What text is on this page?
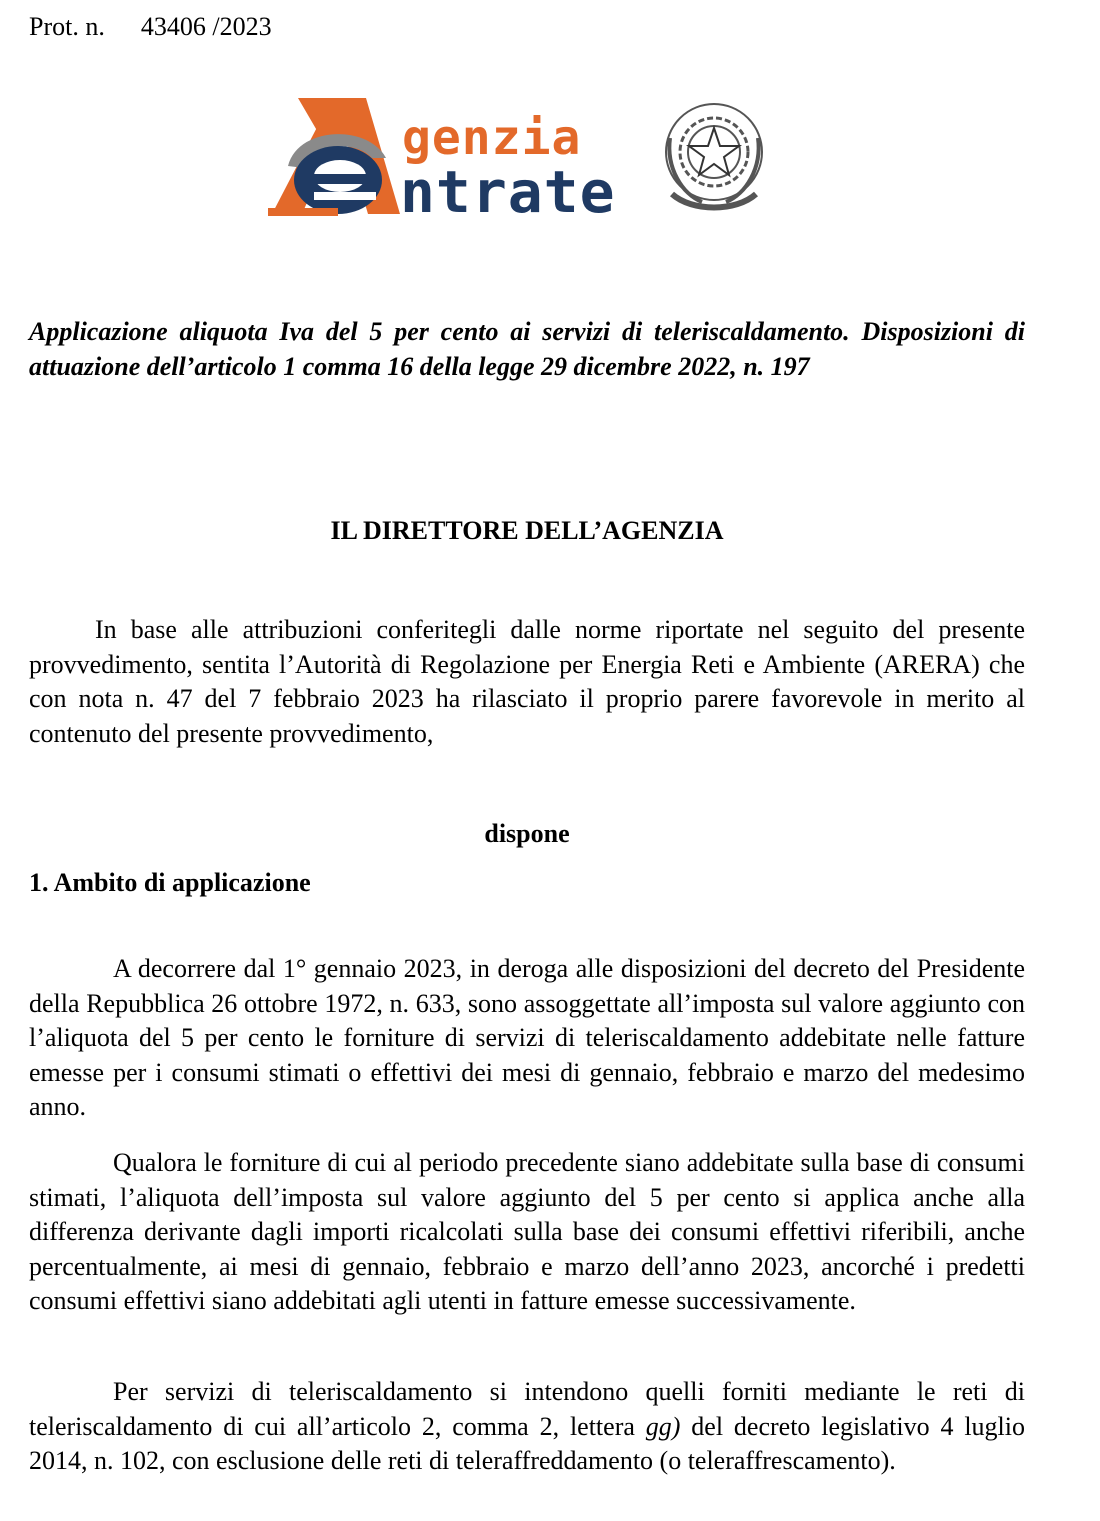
Prot. n. 43406 /2023
genzia
ntrate
Applicazione aliquota Iva del 5 per cento ai servizi di teleriscaldamento. Disposizioni di attuazione dell’articolo 1 comma 16 della legge 29 dicembre 2022, n. 197
IL DIRETTORE DELL’AGENZIA
In base alle attribuzioni conferitegli dalle norme riportate nel seguito del presente provvedimento, sentita l’Autorità di Regolazione per Energia Reti e Ambiente (ARERA) che con nota n. 47 del 7 febbraio 2023 ha rilasciato il proprio parere favorevole in merito al contenuto del presente provvedimento,
dispone
1. Ambito di applicazione
A decorrere dal 1° gennaio 2023, in deroga alle disposizioni del decreto del Presidente della Repubblica 26 ottobre 1972, n. 633, sono assoggettate all’imposta sul valore aggiunto con l’aliquota del 5 per cento le forniture di servizi di teleriscaldamento addebitate nelle fatture emesse per i consumi stimati o effettivi dei mesi di gennaio, febbraio e marzo del medesimo anno.
Qualora le forniture di cui al periodo precedente siano addebitate sulla base di consumi stimati, l’aliquota dell’imposta sul valore aggiunto del 5 per cento si applica anche alla differenza derivante dagli importi ricalcolati sulla base dei consumi effettivi riferibili, anche percentualmente, ai mesi di gennaio, febbraio e marzo dell’anno 2023, ancorché i predetti consumi effettivi siano addebitati agli utenti in fatture emesse successivamente.
Per servizi di teleriscaldamento si intendono quelli forniti mediante le reti di teleriscaldamento di cui all’articolo 2, comma 2, lettera gg) del decreto legislativo 4 luglio 2014, n. 102, con esclusione delle reti di teleraffreddamento (o teleraffrescamento).
